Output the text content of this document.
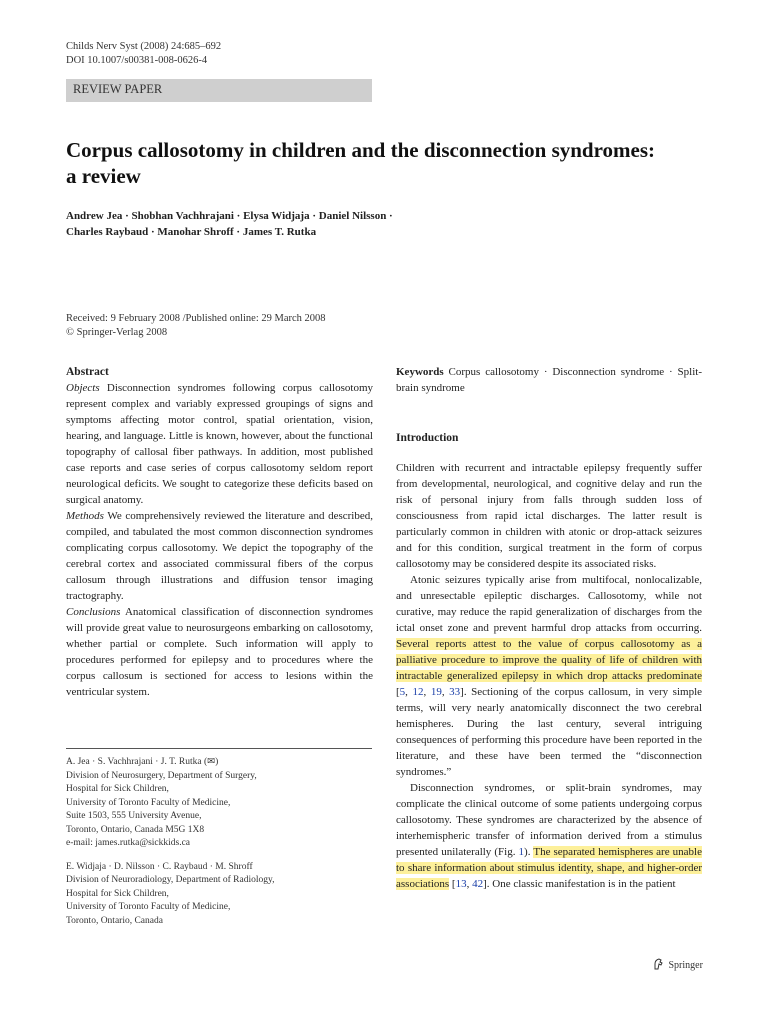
Childs Nerv Syst (2008) 24:685–692
DOI 10.1007/s00381-008-0626-4
REVIEW PAPER
Corpus callosotomy in children and the disconnection syndromes: a review
Andrew Jea · Shobhan Vachhrajani · Elysa Widjaja · Daniel Nilsson · Charles Raybaud · Manohar Shroff · James T. Rutka
Received: 9 February 2008 /Published online: 29 March 2008
© Springer-Verlag 2008
Abstract

Objects Disconnection syndromes following corpus callosotomy represent complex and variably expressed groupings of signs and symptoms affecting motor control, spatial orientation, vision, hearing, and language. Little is known, however, about the functional topography of callosal fiber pathways. In addition, most published case reports and case series of corpus callosotomy seldom report neurological deficits. We sought to categorize these deficits based on surgical anatomy.

Methods We comprehensively reviewed the literature and described, compiled, and tabulated the most common disconnection syndromes complicating corpus callosotomy. We depict the topography of the cerebral cortex and associated commissural fibers of the corpus callosum through illustrations and diffusion tensor imaging tractography.

Conclusions Anatomical classification of disconnection syndromes will provide great value to neurosurgeons embarking on callosotomy, whether partial or complete. Such information will apply to procedures performed for epilepsy and to procedures where the corpus callosum is sectioned for access to lesions within the ventricular system.

A. Jea · S. Vachhrajani · J. T. Rutka (✉)
Division of Neurosurgery, Department of Surgery,
Hospital for Sick Children,
University of Toronto Faculty of Medicine,
Suite 1503, 555 University Avenue,
Toronto, Ontario, Canada M5G 1X8
e-mail: james.rutka@sickkids.ca
E. Widjaja · D. Nilsson · C. Raybaud · M. Shroff
Division of Neuroradiology, Department of Radiology,
Hospital for Sick Children,
University of Toronto Faculty of Medicine,
Toronto, Ontario, Canada

Keywords Corpus callosotomy · Disconnection syndrome · Split-brain syndrome

Introduction

Children with recurrent and intractable epilepsy frequently suffer from developmental, neurological, and cognitive delay and run the risk of personal injury from falls through sudden loss of consciousness from rapid ictal discharges. The latter result is particularly common in children with atonic or drop-attack seizures and for this condition, surgical treatment in the form of corpus callosotomy may be considered despite its associated risks.

Atonic seizures typically arise from multifocal, nonlocalizable, and unresectable epileptic discharges. Callosotomy, while not curative, may reduce the rapid generalization of discharges from the ictal onset zone and prevent harmful drop attacks from occurring. Several reports attest to the value of corpus callosotomy as a palliative procedure to improve the quality of life of children with intractable generalized epilepsy in which drop attacks predominate [5, 12, 19, 33]. Sectioning of the corpus callosum, in very simple terms, will very nearly anatomically disconnect the two cerebral hemispheres. During the last century, several intriguing consequences of performing this procedure have been reported in the literature, and these have been termed the “disconnection syndromes.”

Disconnection syndromes, or split-brain syndromes, may complicate the clinical outcome of some patients undergoing corpus callosotomy. These syndromes are characterized by the absence of interhemispheric transfer of information derived from a stimulus presented unilaterally (Fig. 1). The separated hemispheres are unable to share information about stimulus identity, shape, and higher-order associations [13, 42]. One classic manifestation is in the patient

Springer
